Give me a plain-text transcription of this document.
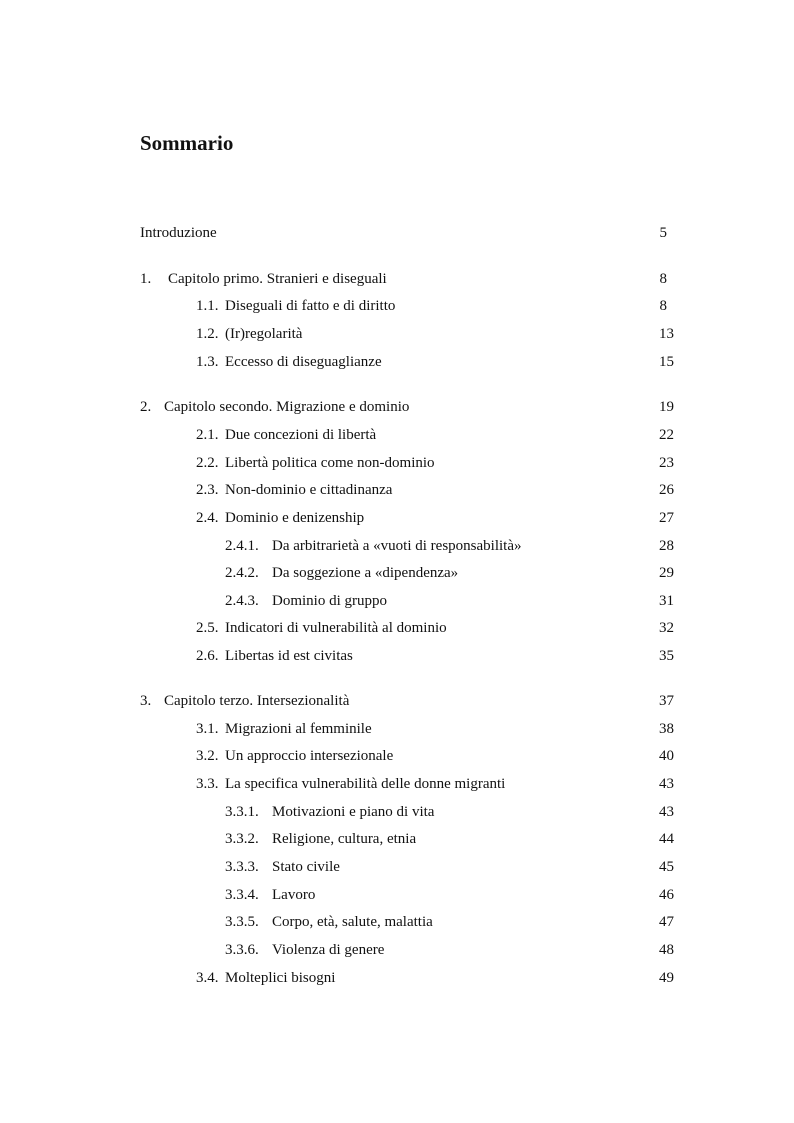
Sommario
Introduzione	5
1. Capitolo primo. Stranieri e diseguali	8
1.1. Diseguali di fatto e di diritto	8
1.2. (Ir)regolarità	13
1.3. Eccesso di diseguaglianze	15
2. Capitolo secondo. Migrazione e dominio	19
2.1. Due concezioni di libertà	22
2.2. Libertà politica come non-dominio	23
2.3. Non-dominio e cittadinanza	26
2.4. Dominio e denizenship	27
2.4.1. Da arbitrarietà a «vuoti di responsabilità»	28
2.4.2. Da soggezione a «dipendenza»	29
2.4.3. Dominio di gruppo	31
2.5. Indicatori di vulnerabilità al dominio	32
2.6. Libertas id est civitas	35
3. Capitolo terzo. Intersezionalità	37
3.1. Migrazioni al femminile	38
3.2. Un approccio intersezionale	40
3.3. La specifica vulnerabilità delle donne migranti	43
3.3.1. Motivazioni e piano di vita	43
3.3.2. Religione, cultura, etnia	44
3.3.3. Stato civile	45
3.3.4. Lavoro	46
3.3.5. Corpo, età, salute, malattia	47
3.3.6. Violenza di genere	48
3.4. Molteplici bisogni	49
